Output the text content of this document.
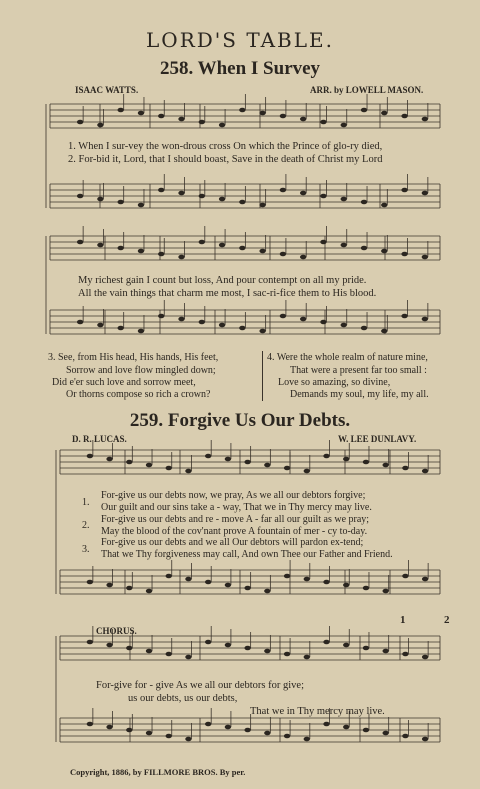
LORD'S TABLE.
258. When I Survey
ISAAC WATTS.	ARR. by LOWELL MASON.
1. When I sur-vey the won-drous cross On which the Prince of glo-ry died,
2. For-bid it, Lord, that I should boast, Save in the death of Christ my Lord
My richest gain I count but loss, And pour contempt on all my pride.
All the vain things that charm me most, I sac-ri-fice them to His blood.
3. See, from His head, His hands, His feet,
Sorrow and love flow mingled down;
Did e'er such love and sorrow meet,
Or thorns compose so rich a crown?
4. Were the whole realm of nature mine,
That were a present far too small :
Love so amazing, so divine,
Demands my soul, my life, my all.
259. Forgive Us Our Debts.
D. R. LUCAS.	W. LEE DUNLAVY.
1.
For-give us our debts now, we pray, As we all our debtors forgive;
Our guilt and our sins take a - way, That we in Thy mercy may live.
2.
For-give us our debts and re - move A - far all our guilt as we pray;
May the blood of the cov'nant prove A fountain of mer - cy to-day.
3.
For-give us our debts and we all Our debtors will pardon ex-tend;
That we Thy forgiveness may call, And own Thee our Father and Friend.
CHORUS.
1	2
For-give for - give As we all our debtors for give;
us our debts, us our debts,
That we in Thy mercy may live.
Copyright, 1886, by FILLMORE BROS. By per.
